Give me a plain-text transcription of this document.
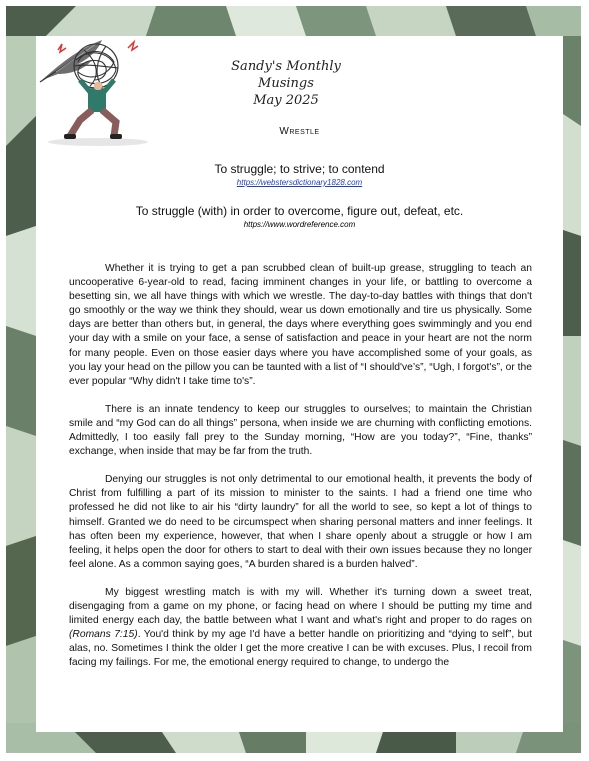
Sandy's Monthly Musings
May 2025
Wrestle
To struggle; to strive; to contend
https://webstersdictionary1828.com
To struggle (with) in order to overcome, figure out, defeat, etc.
https://www.wordreference.com

Whether it is trying to get a pan scrubbed clean of built-up grease, struggling to teach an uncooperative 6-year-old to read, facing imminent changes in your life, or battling to overcome a besetting sin, we all have things with which we wrestle. The day-to-day battles with things that don't go smoothly or the way we think they should, wear us down emotionally and tire us physically. Some days are better than others but, in general, the days where everything goes swimmingly and you end your day with a smile on your face, a sense of satisfaction and peace in your heart are not the norm for many people. Even on those easier days where you have accomplished some of your goals, as you lay your head on the pillow you can be taunted with a list of “I should've’s”, “Ugh, I forgot's”, or the ever popular “Why didn't I take time to's”.

There is an innate tendency to keep our struggles to ourselves; to maintain the Christian smile and “my God can do all things” persona, when inside we are churning with conflicting emotions. Admittedly, I too easily fall prey to the Sunday morning, “How are you today?”, “Fine, thanks” exchange, when inside that may be far from the truth.

Denying our struggles is not only detrimental to our emotional health, it prevents the body of Christ from fulfilling a part of its mission to minister to the saints. I had a friend one time who professed he did not like to air his “dirty laundry” for all the world to see, so kept a lot of things to himself. Granted we do need to be circumspect when sharing personal matters and inner feelings. It has often been my experience, however, that when I share openly about a struggle or how I am feeling, it helps open the door for others to start to deal with their own issues because they no longer feel alone. As a common saying goes, “A burden shared is a burden halved”.

My biggest wrestling match is with my will. Whether it's turning down a sweet treat, disengaging from a game on my phone, or facing head on where I should be putting my time and limited energy each day, the battle between what I want and what's right and proper to do rages on (Romans 7:15). You'd think by my age I'd have a better handle on prioritizing and “dying to self”, but alas, no. Sometimes I think the older I get the more creative I can be with excuses. Plus, I recoil from facing my failings. For me, the emotional energy required to change, to undergo the
